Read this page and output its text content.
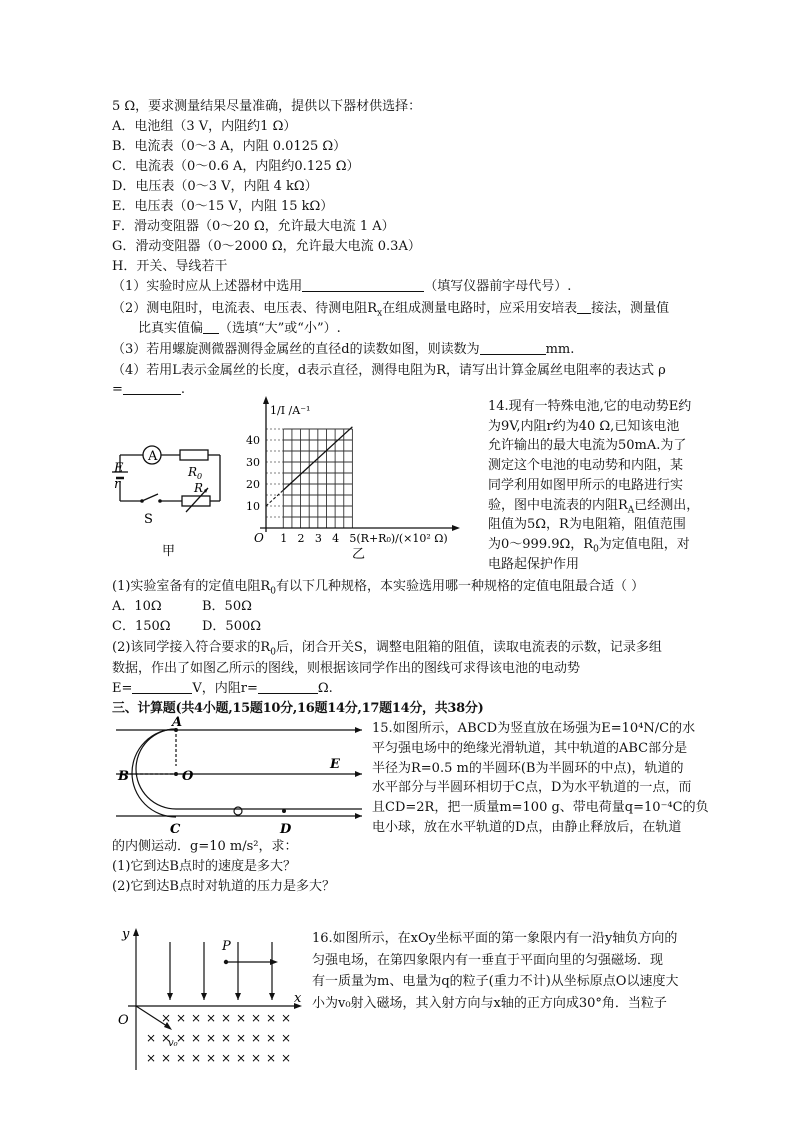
5 Ω，要求测量结果尽量准确，提供以下器材供选择：
A．电池组（3 V，内阻约1 Ω）
B．电流表（0～3 A，内阻 0.0125 Ω）
C．电流表（0～0.6 A，内阻约0.125 Ω）
D．电压表（0～3 V，内阻 4 kΩ）
E．电压表（0～15 V，内阻 15 kΩ）
F．滑动变阻器（0～20 Ω，允许最大电流 1 A）
G．滑动变阻器（0～2000 Ω，允许最大电流 0.3A）
H．开关、导线若干
（1）实验时应从上述器材中选用	（填写仪器前字母代号）.
（2）测电阻时，电流表、电压表、待测电阻$R_x$在组成测量电路时，应采用安培表 接法，测量值
比真实值偏 （选填“大”或“小”）.
（3）若用螺旋测微器测得金属丝的直径d的读数如图，则读数为	mm.
（4）若用L表示金属丝的长度，d表示直径，测得电阻为R，请写出计算金属丝电阻率的表达式 ρ
=	.
A
E
r
$R_0$
R
S
甲
1 2 3 4 5
10
20
30
40
O
1/I /A⁻¹
(R+R₀)/(×10² Ω)
乙
14.现有一特殊电池,它的电动势E约
为9V,内阻r约为40 Ω,已知该电池
允许输出的最大电流为50mA.为了
测定这个电池的电动势和内阻，某
同学利用如图甲所示的电路进行实
验，图中电流表的内阻$R_A$已经测出，
阻值为5Ω，R为电阻箱，阻值范围
为0～999.9Ω，$R_0$为定值电阻，对
电路起保护作用
(1)实验室备有的定值电阻$R_0$有以下几种规格，本实验选用哪一种规格的定值电阻最合适（ ）
A．10Ω	B．50Ω
C．150Ω D．500Ω
(2)该同学接入符合要求的$R_0$后，闭合开关S，调整电阻箱的阻值，读取电流表的示数，记录多组
数据，作出了如图乙所示的图线，则根据该同学作出的图线可求得该电池的电动势
E=	V，内阻r=	Ω.
三、计算题(共4小题,15题10分,16题14分,17题14分，共38分)
A
B	O
C	D
E
15.如图所示，ABCD为竖直放在场强为E=10⁴N/C的水
平匀强电场中的绝缘光滑轨道，其中轨道的ABC部分是
半径为R=0.5 m的半圆环(B为半圆环的中点)，轨道的
水平部分与半圆环相切于C点，D为水平轨道的一点，而
且CD=2R，把一质量m=100 g、带电荷量q=10⁻⁴C的负
电小球，放在水平轨道的D点，由静止释放后，在轨道
的内侧运动．g=10 m/s²，求：
(1)它到达B点时的速度是多大？
(2)它到达B点时对轨道的压力是多大？
× × × × × × × × ×
× × × × × × × × × ×
× × × × × × × × × ×
y
x
O
P
v₀
16.如图所示，在xOy坐标平面的第一象限内有一沿y轴负方向的
匀强电场，在第四象限内有一垂直于平面向里的匀强磁场．现
有一质量为m、电量为q的粒子(重力不计)从坐标原点O以速度大
小为v₀射入磁场，其入射方向与x轴的正方向成30°角．当粒子
